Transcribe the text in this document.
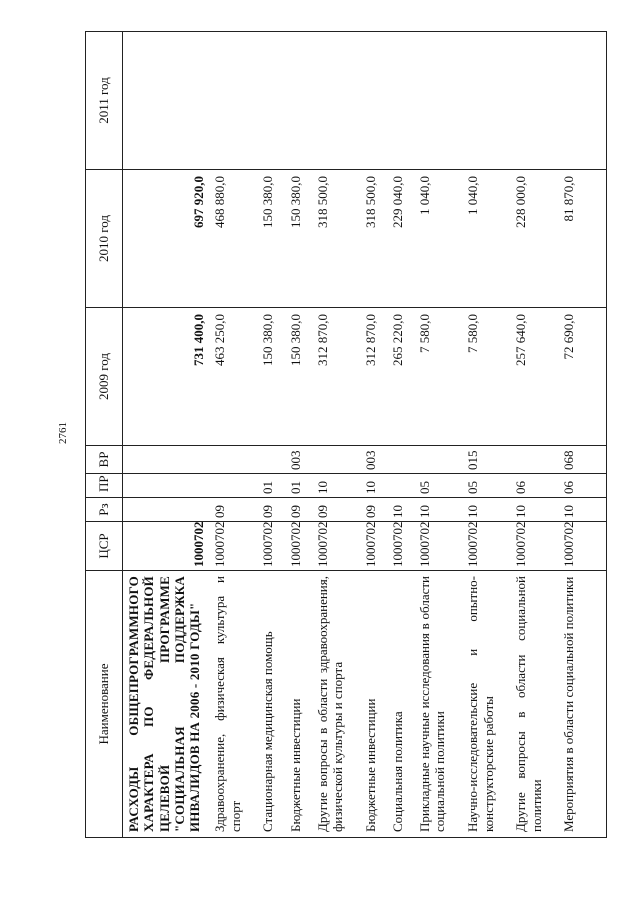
2761
Наименование	ЦСР	Рз	ПР	ВР	2009 год	2010 год	2011 год
РАСХОДЫ ОБЩЕПРОГРАММНОГО ХАРАКТЕРА ПО ФЕДЕРАЛЬНОЙ ЦЕЛЕВОЙ ПРОГРАММЕ "СОЦИАЛЬНАЯ ПОДДЕРЖКА ИНВАЛИДОВ НА 2006 - 2010 ГОДЫ"	1000702				731 400,0	697 920,0	
Здравоохранение, физическая культура и спорт	1000702	09			463 250,0	468 880,0	
Стационарная медицинская помощь	1000702	09	01		150 380,0	150 380,0	
Бюджетные инвестиции	1000702	09	01	003	150 380,0	150 380,0	
Другие вопросы в области здравоохранения, физической культуры и спорта	1000702	09	10		312 870,0	318 500,0	
Бюджетные инвестиции	1000702	09	10	003	312 870,0	318 500,0	
Социальная политика	1000702	10			265 220,0	229 040,0	
Прикладные научные исследования в области социальной политики	1000702	10	05		7 580,0	1 040,0	
Научно-исследовательские и опытно-конструкторские работы	1000702	10	05	015	7 580,0	1 040,0	
Другие вопросы в области социальной политики	1000702	10	06		257 640,0	228 000,0	
Мероприятия в области социальной политики	1000702	10	06	068	72 690,0	81 870,0	
